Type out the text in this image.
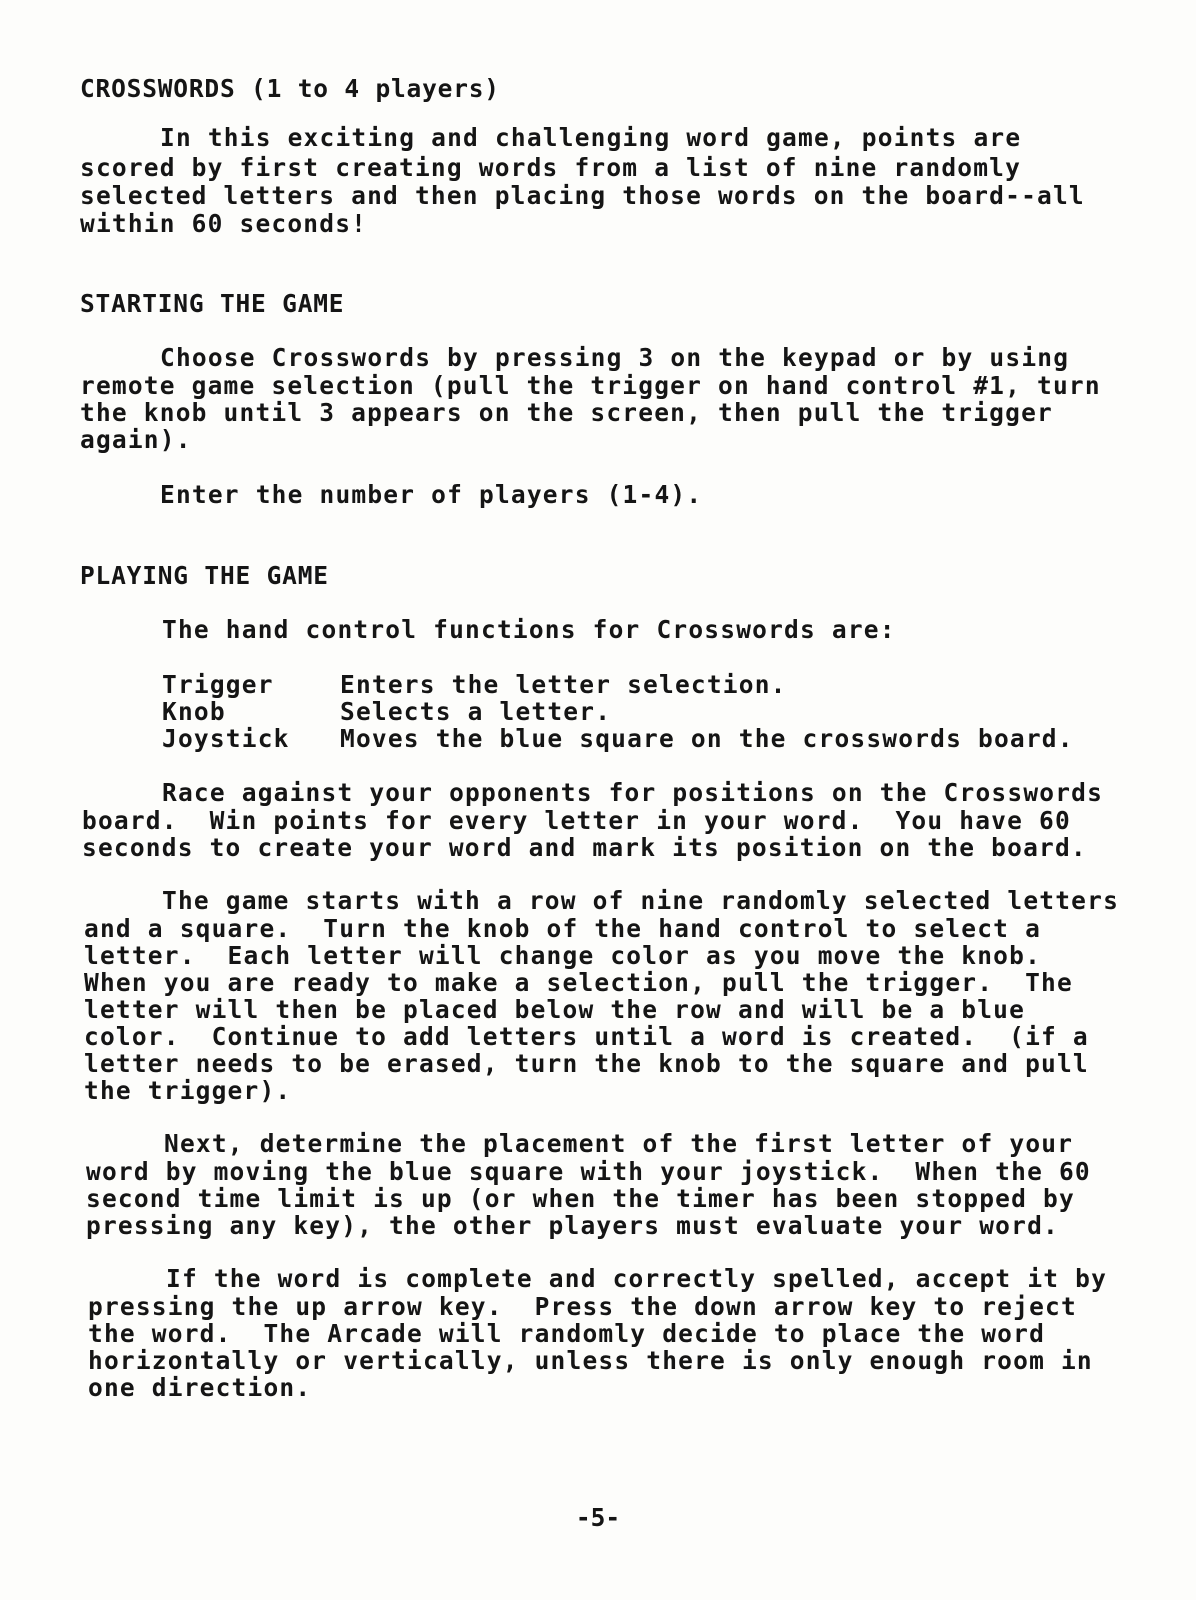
CROSSWORDS (1 to 4 players)
In this exciting and challenging word game, points are
scored by first creating words from a list of nine randomly
selected letters and then placing those words on the board--all
within 60 seconds!
STARTING THE GAME
Choose Crosswords by pressing 3 on the keypad or by using
remote game selection (pull the trigger on hand control #1, turn
the knob until 3 appears on the screen, then pull the trigger
again).
Enter the number of players (1-4).
PLAYING THE GAME
The hand control functions for Crosswords are:
Trigger	Enters the letter selection.
Knob	Selects a letter.
Joystick Moves the blue square on the crosswords board.
Race against your opponents for positions on the Crosswords
board.  Win points for every letter in your word.  You have 60
seconds to create your word and mark its position on the board.
The game starts with a row of nine randomly selected letters
and a square.  Turn the knob of the hand control to select a
letter.  Each letter will change color as you move the knob.
When you are ready to make a selection, pull the trigger.  The
letter will then be placed below the row and will be a blue
color.  Continue to add letters until a word is created.  (if a
letter needs to be erased, turn the knob to the square and pull
the trigger).
Next, determine the placement of the first letter of your
word by moving the blue square with your joystick.  When the 60
second time limit is up (or when the timer has been stopped by
pressing any key), the other players must evaluate your word.
If the word is complete and correctly spelled, accept it by
pressing the up arrow key.  Press the down arrow key to reject
the word.  The Arcade will randomly decide to place the word
horizontally or vertically, unless there is only enough room in
one direction.
-5-
